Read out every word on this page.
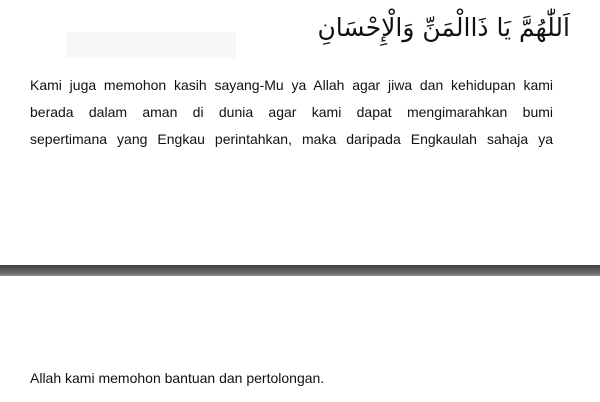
اَللّٰهُمَّ يَا ذَاالْمَنِّ وَالْإِحْسَانِ

Kami juga memohon kasih sayang-Mu ya Allah agar jiwa dan kehidupan kami
berada dalam aman di dunia agar kami dapat mengimarahkan bumi
sepertimana yang Engkau perintahkan, maka daripada Engkaulah sahaja ya

Allah kami memohon bantuan dan pertolongan.
